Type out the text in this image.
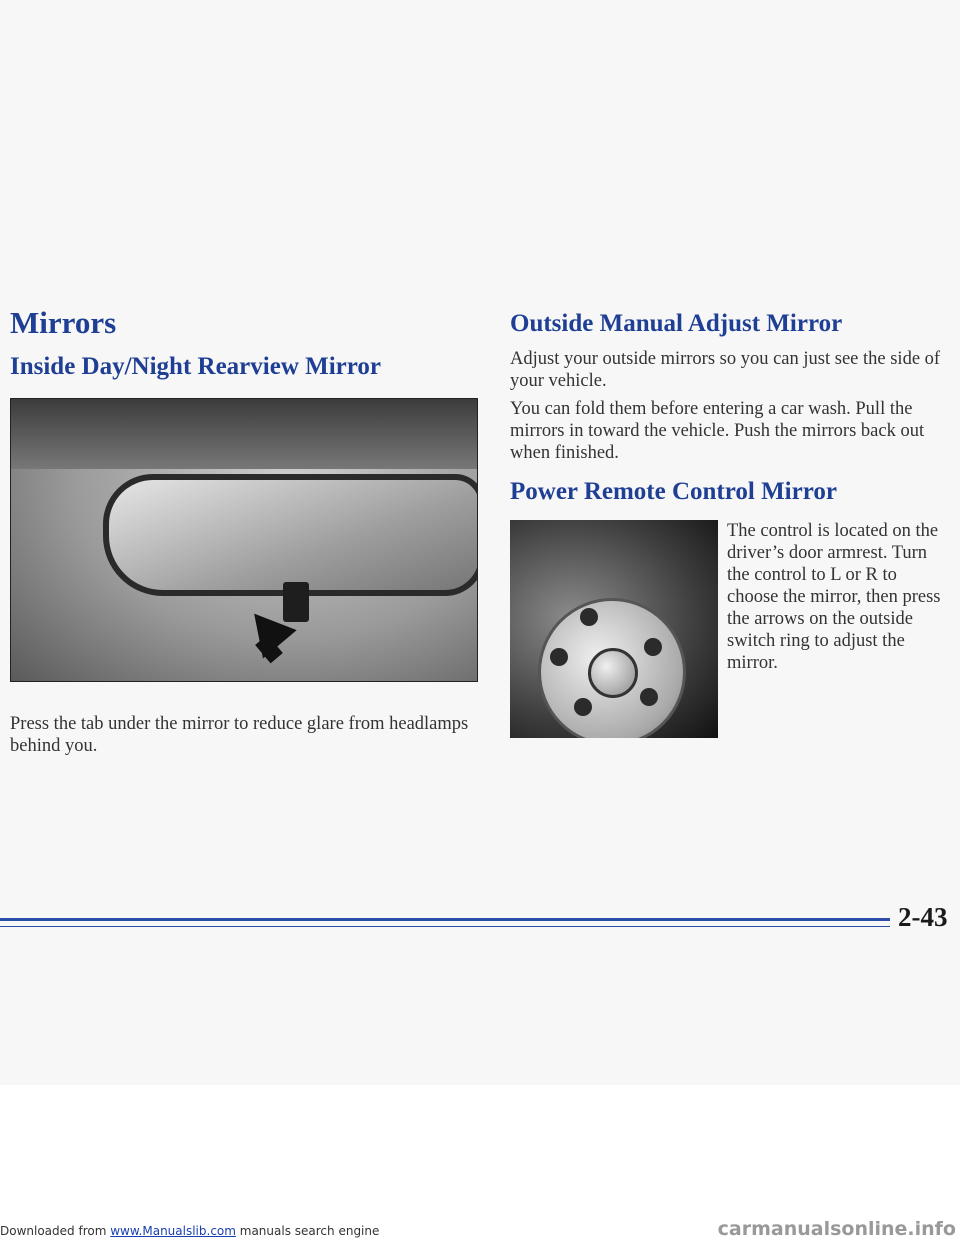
Mirrors
Inside Day/Night Rearview Mirror

Press the tab under the mirror to reduce glare from headlamps behind you.

Outside Manual Adjust Mirror

Adjust your outside mirrors so you can just see the side of your vehicle.

You can fold them before entering a car wash. Pull the mirrors in toward the vehicle. Push the mirrors back out when finished.

Power Remote Control Mirror

The control is located on the driver’s door armrest. Turn the control to L or R to choose the mirror, then press the arrows on the outside switch ring to adjust the mirror.

2-43

Downloaded from www.Manualslib.com manuals search engine	carmanualsonline.info
